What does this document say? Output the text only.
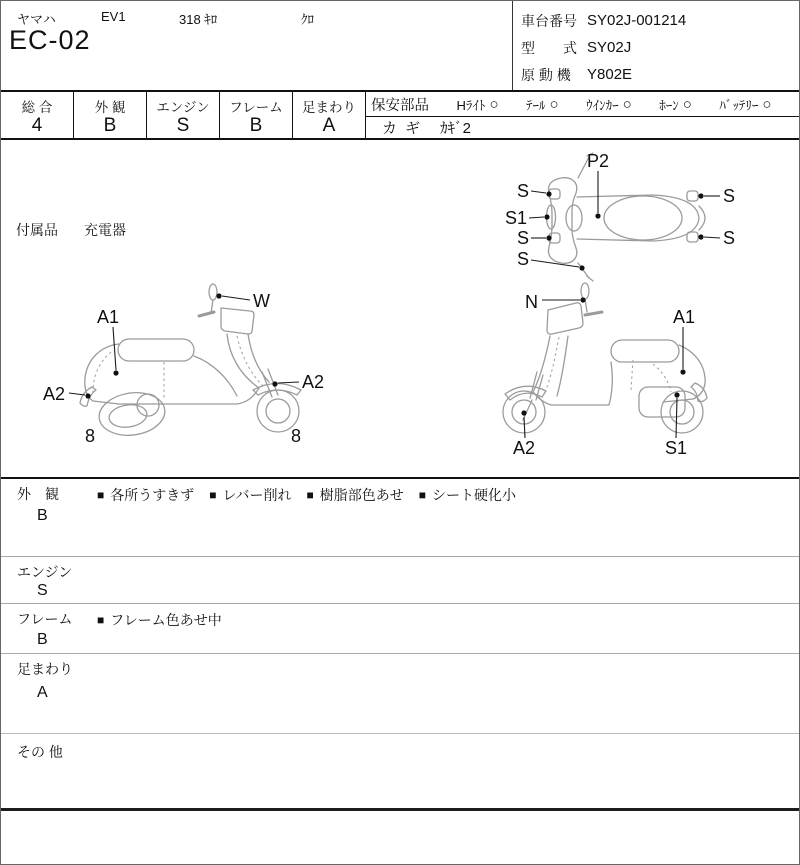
ヤマハ	EV1	318 ｷﾛ	ｸﾛ
EC-02
車台番号 SY02J-001214
型　　式 SY02J
原 動 機	Y802E
総 合
4
外 観
B
エンジン
S
フレーム
B
足まわり
A
保安部品 Hﾗｲﾄ ○ ﾃｰﾙ ○ ｳｲﾝｶｰ ○ ﾎｰﾝ ○ ﾊﾞｯﾃﾘｰ ○
カ ギ ｶｷﾞ2
付属品 充電器
P2
S
S1
S
S
S
S
A1
W
A2
A2
8	8
N
A1
A2	S1
外　観
B
■ 各所うすきず ■ レバー削れ ■ 樹脂部色あせ ■ シート硬化小
エンジン
S
フレーム
B
■ フレーム色あせ中
足まわり
A
その 他
